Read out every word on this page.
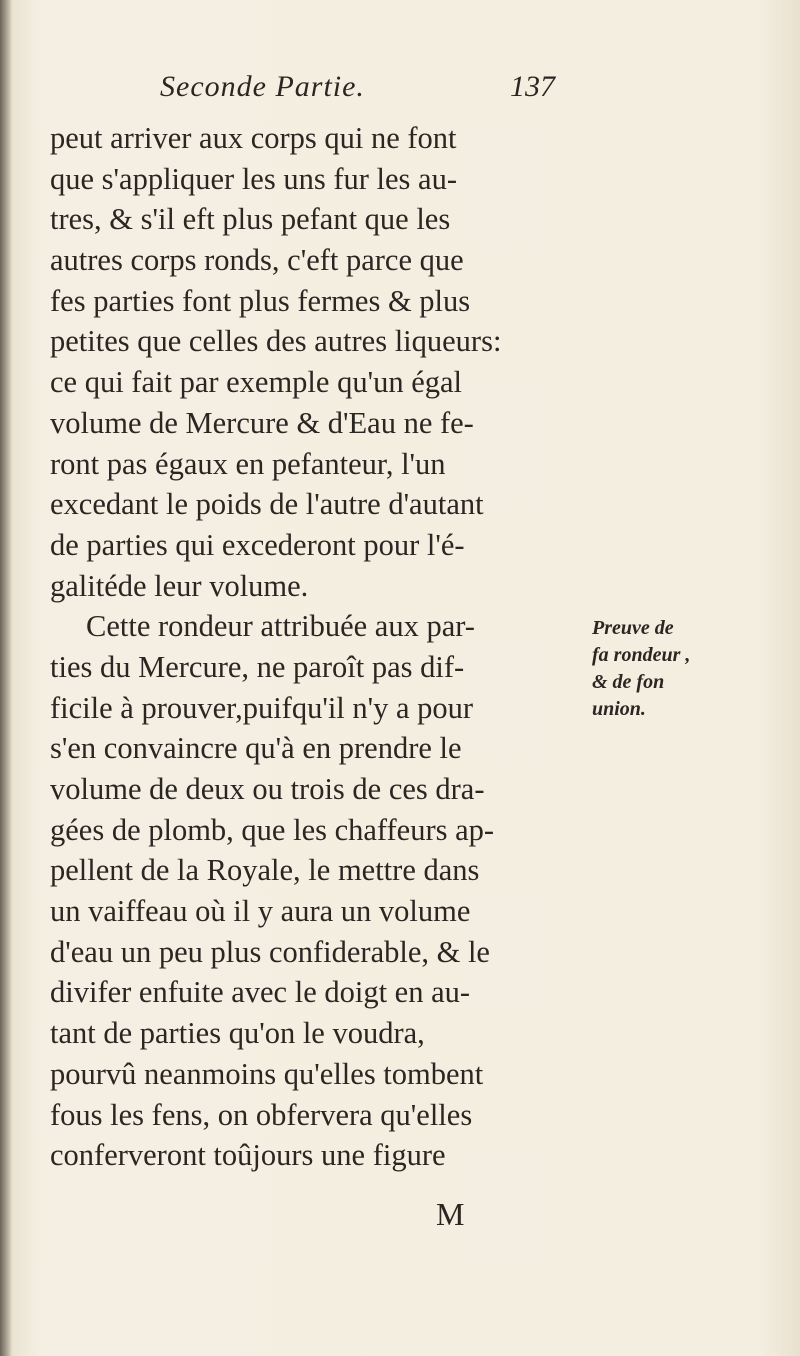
Seconde Partie.	137
peut arriver aux corps qui ne font
que s'appliquer les uns fur les au-
tres, & s'il eft plus pefant que les
autres corps ronds, c'eft parce que
fes parties font plus fermes & plus
petites que celles des autres liqueurs:
ce qui fait par exemple qu'un égal
volume de Mercure & d'Eau ne fe-
ront pas égaux en pefanteur, l'un
excedant le poids de l'autre d'autant
de parties qui excederont pour l'é-
galitéde leur volume.
Cette rondeur attribuée aux par-
ties du Mercure, ne paroît pas dif-
ficile à prouver,puifqu'il n'y a pour
s'en convaincre qu'à en prendre le
volume de deux ou trois de ces dra-
gées de plomb, que les chaffeurs ap-
pellent de la Royale, le mettre dans
un vaiffeau où il y aura un volume
d'eau un peu plus confiderable, & le
divifer enfuite avec le doigt en au-
tant de parties qu'on le voudra,
pourvû neanmoins qu'elles tombent
fous les fens, on obfervera qu'elles
conferveront toûjours une figure
Preuve de
fa rondeur ,
& de fon
union.
M
